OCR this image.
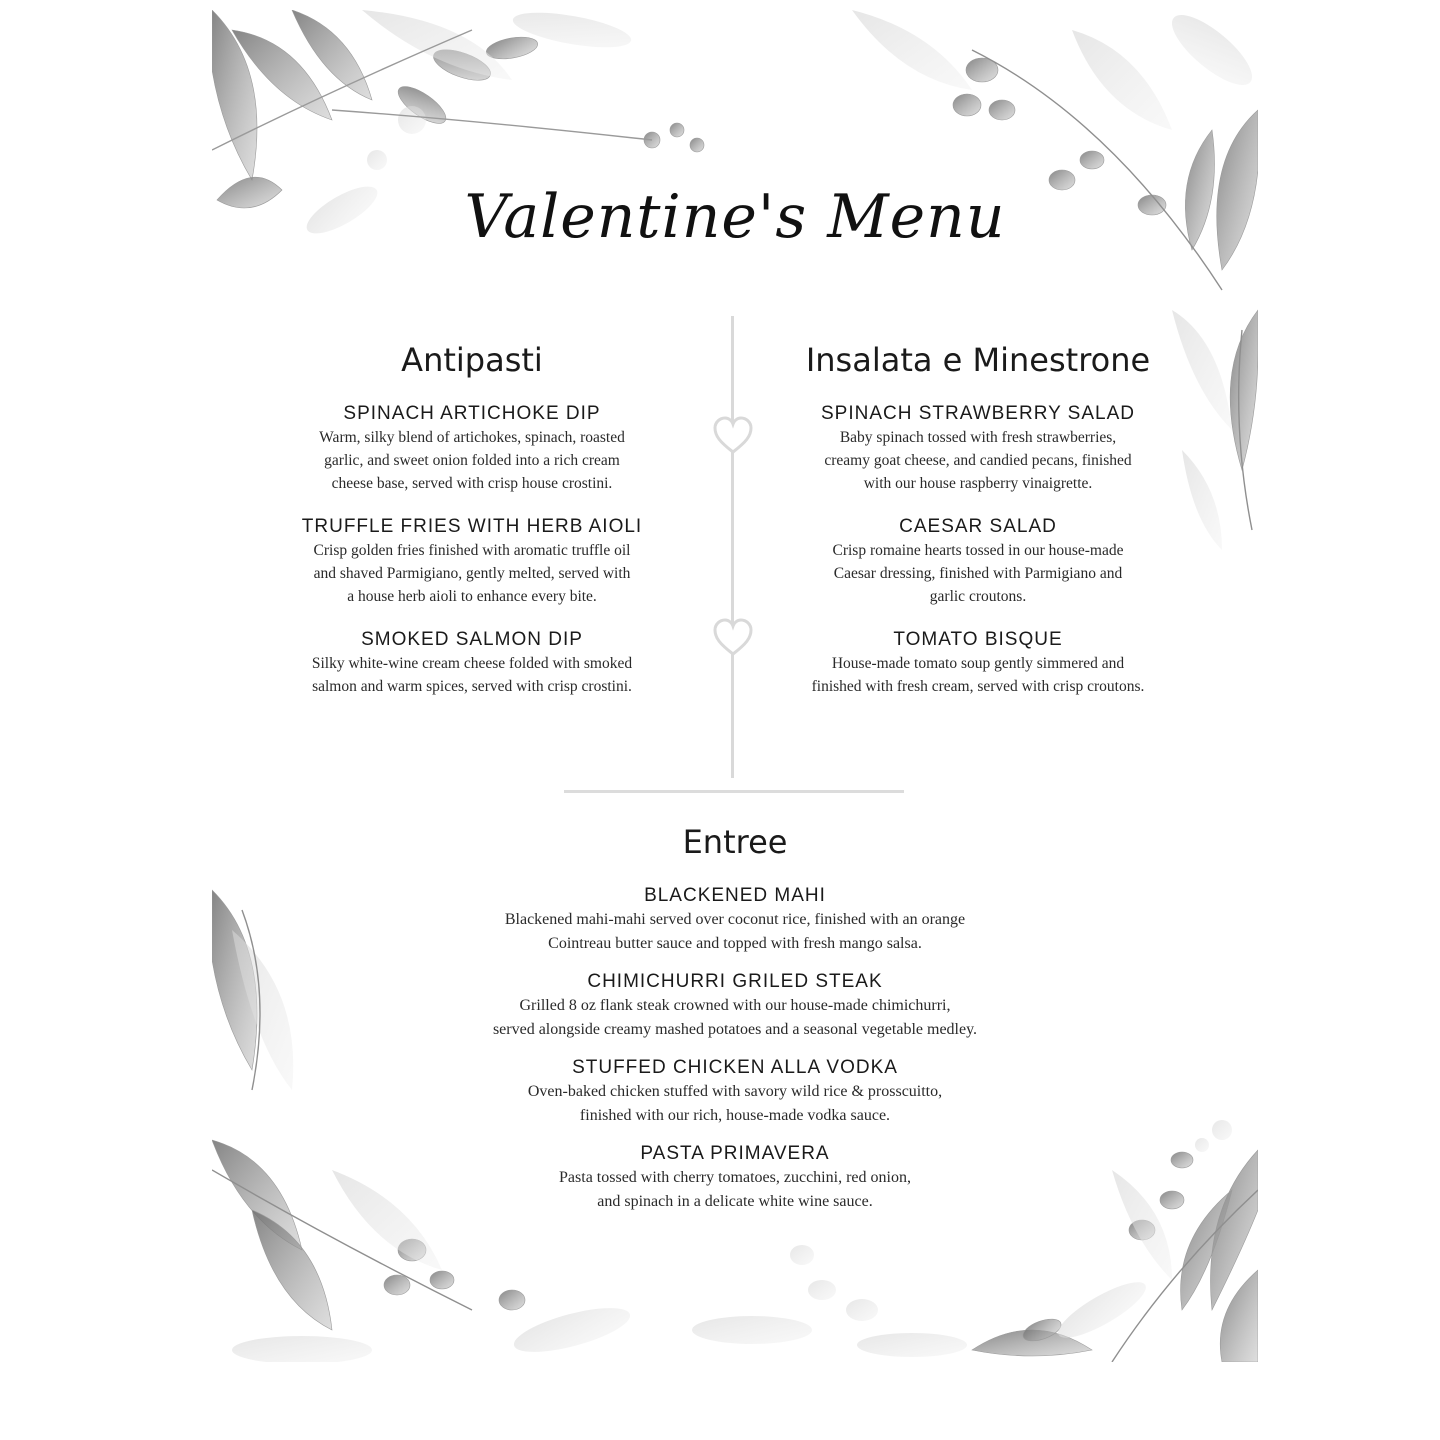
Valentine's Menu
Antipasti

SPINACH ARTICHOKE DIP

Warm, silky blend of artichokes, spinach, roasted
garlic, and sweet onion folded into a rich cream
cheese base, served with crisp house crostini.

TRUFFLE FRIES WITH HERB AIOLI

Crisp golden fries finished with aromatic truffle oil
and shaved Parmigiano, gently melted, served with
a house herb aioli to enhance every bite.

SMOKED SALMON DIP

Silky white-wine cream cheese folded with smoked
salmon and warm spices, served with crisp crostini.

Insalata e Minestrone

SPINACH STRAWBERRY SALAD

Baby spinach tossed with fresh strawberries,
creamy goat cheese, and candied pecans, finished
with our house raspberry vinaigrette.

CAESAR SALAD

Crisp romaine hearts tossed in our house-made
Caesar dressing, finished with Parmigiano and
garlic croutons.

TOMATO BISQUE

House-made tomato soup gently simmered and
finished with fresh cream, served with crisp croutons.

Entree

BLACKENED MAHI

Blackened mahi-mahi served over coconut rice, finished with an orange
Cointreau butter sauce and topped with fresh mango salsa.

CHIMICHURRI GRILED STEAK

Grilled 8 oz flank steak crowned with our house-made chimichurri,
served alongside creamy mashed potatoes and a seasonal vegetable medley.

STUFFED CHICKEN ALLA VODKA

Oven-baked chicken stuffed with savory wild rice & prosscuitto,
finished with our rich, house-made vodka sauce.

PASTA PRIMAVERA

Pasta tossed with cherry tomatoes, zucchini, red onion,
and spinach in a delicate white wine sauce.
